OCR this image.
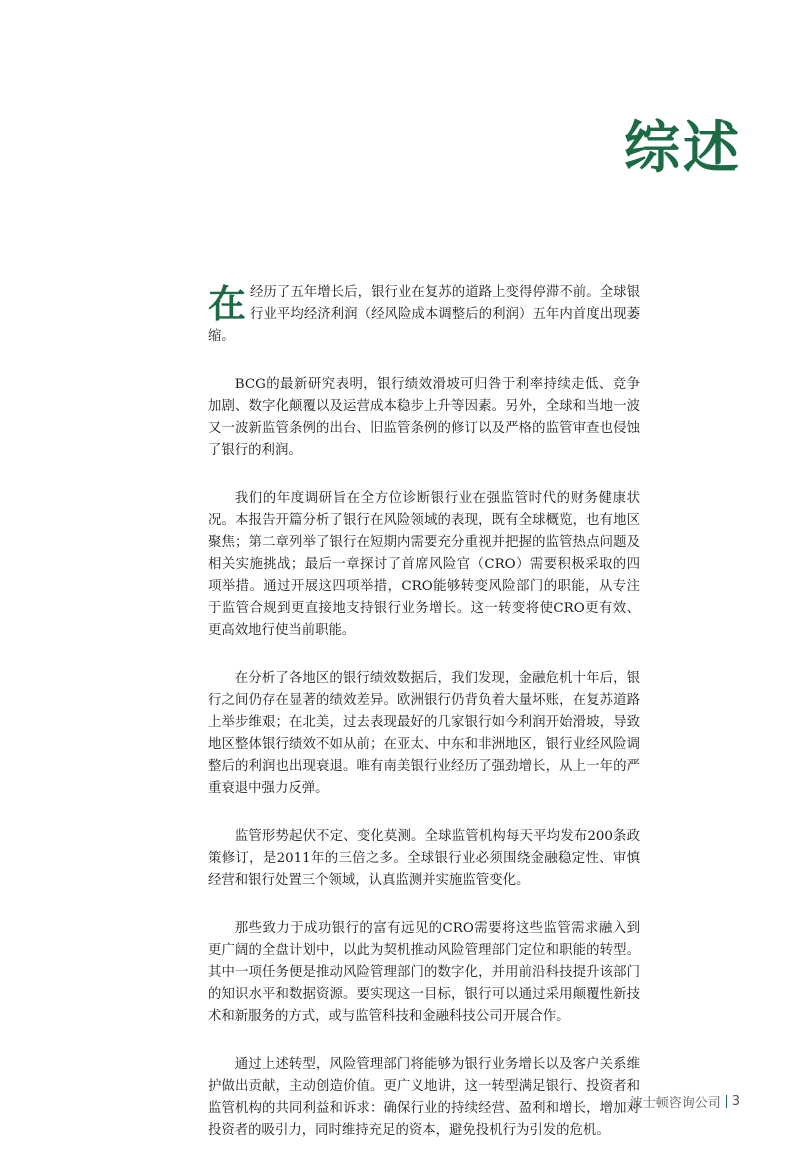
综述

在经历了五年增长后，银行业在复苏的道路上变得停滞不前。全球银行业平均经济利润（经风险成本调整后的利润）五年内首度出现萎缩。

BCG的最新研究表明，银行绩效滑坡可归咎于利率持续走低、竞争加剧、数字化颠覆以及运营成本稳步上升等因素。另外，全球和当地一波又一波新监管条例的出台、旧监管条例的修订以及严格的监管审查也侵蚀了银行的利润。

我们的年度调研旨在全方位诊断银行业在强监管时代的财务健康状况。本报告开篇分析了银行在风险领域的表现，既有全球概览，也有地区聚焦；第二章列举了银行在短期内需要充分重视并把握的监管热点问题及相关实施挑战；最后一章探讨了首席风险官（CRO）需要积极采取的四项举措。通过开展这四项举措，CRO能够转变风险部门的职能，从专注于监管合规到更直接地支持银行业务增长。这一转变将使CRO更有效、更高效地行使当前职能。

在分析了各地区的银行绩效数据后，我们发现，金融危机十年后，银行之间仍存在显著的绩效差异。欧洲银行仍背负着大量坏账，在复苏道路上举步维艰；在北美，过去表现最好的几家银行如今利润开始滑坡，导致地区整体银行绩效不如从前；在亚太、中东和非洲地区，银行业经风险调整后的利润也出现衰退。唯有南美银行业经历了强劲增长，从上一年的严重衰退中强力反弹。

监管形势起伏不定、变化莫测。全球监管机构每天平均发布200条政策修订，是2011年的三倍之多。全球银行业必须围绕金融稳定性、审慎经营和银行处置三个领域，认真监测并实施监管变化。

那些致力于成功银行的富有远见的CRO需要将这些监管需求融入到更广阔的全盘计划中，以此为契机推动风险管理部门定位和职能的转型。其中一项任务便是推动风险管理部门的数字化，并用前沿科技提升该部门的知识水平和数据资源。要实现这一目标，银行可以通过采用颠覆性新技术和新服务的方式，或与监管科技和金融科技公司开展合作。

通过上述转型，风险管理部门将能够为银行业务增长以及客户关系维护做出贡献，主动创造价值。更广义地讲，这一转型满足银行、投资者和监管机构的共同利益和诉求：确保行业的持续经营、盈利和增长，增加对投资者的吸引力，同时维持充足的资本，避免投机行为引发的危机。

波士顿咨询公司 3
